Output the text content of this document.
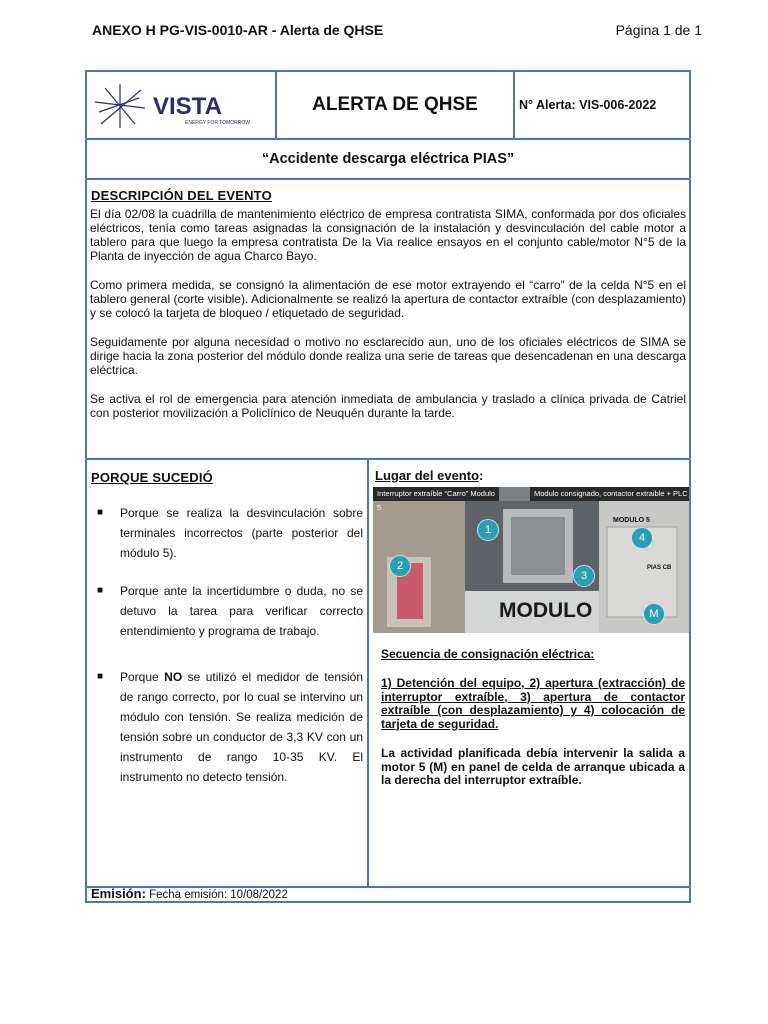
ANEXO H PG-VIS-0010-AR - Alerta de QHSE	Página 1 de 1
VISTA
ENERGY FOR TOMORROW
ALERTA DE QHSE	N° Alerta: VIS-006-2022
“Accidente descarga eléctrica PIAS”
DESCRIPCIÓN DEL EVENTO

El día 02/08 la cuadrilla de mantenimiento eléctrico de empresa contratista SIMA, conformada por dos oficiales eléctricos, tenía como tareas asignadas la consignación de la instalación y desvinculación del cable motor a tablero para que luego la empresa contratista De la Via realice ensayos en el conjunto cable/motor N°5 de la Planta de inyección de agua Charco Bayo.

Como primera medida, se consignó la alimentación de ese motor extrayendo el “carro” de la celda N°5 en el tablero general (corte visible). Adicionalmente se realizó la apertura de contactor extraíble (con desplazamiento) y se colocó la tarjeta de bloqueo / etiquetado de seguridad.

Seguidamente por alguna necesidad o motivo no esclarecido aun, uno de los oficiales eléctricos de SIMA se dirige hacia la zona posterior del módulo donde realiza una serie de tareas que desencadenan en una descarga eléctrica.

Se activa el rol de emergencia para atención inmediata de ambulancia y traslado a clínica privada de Catriel con posterior movilización a Policlínico de Neuquén durante la tarde.

PORQUE SUCEDIÓ
■ Porque se realiza la desvinculación sobre terminales incorrectos (parte posterior del módulo 5).
■ Porque ante la incertidumbre o duda, no se detuvo la tarea para verificar correcto entendimiento y programa de trabajo.
■ Porque NO se utilizó el medidor de tensión de rango correcto, por lo cual se intervino un módulo con tensión. Se realiza medición de tensión sobre un conductor de 3,3 KV con un instrumento de rango 10-35 KV. El instrumento no detecto tensión.
Lugar del evento:
Interruptor extraíble “Carro” Modulo 5
Modulo consignado, contactor extraible + PLC
MODULO 5
PIAS CB
1
2
3
4
M
MODULO
Secuencia de consignación eléctrica:
1) Detención del equipo, 2) apertura (extracción) de interruptor extraíble, 3) apertura de contactor extraíble (con desplazamiento) y 4) colocación de tarjeta de seguridad.
La actividad planificada debía intervenir la salida a motor 5 (M) en panel de celda de arranque ubicada a la derecha del interruptor extraíble.
Emisión: Fecha emisión: 10/08/2022
